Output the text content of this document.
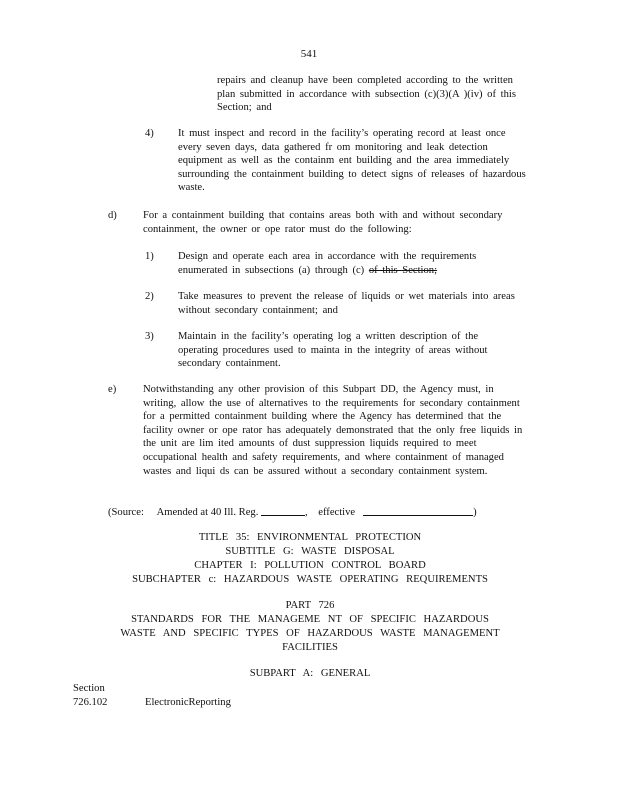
541

repairs and cleanup have been completed according to the written plan submitted in accordance with subsection (c)(3)(A )(iv) of this Section; and

4)	It must inspect and record in the facility’s operating record at least once every seven days, data gathered fr om monitoring and leak detection equipment as well as the containm ent building and the area immediately surrounding the containment building to detect signs of releases of hazardous waste.

d)	For a containment building that contains areas both with and without secondary containment, the owner or ope rator must do the following:

1)	Design and operate each area in accordance with the requirements enumerated in subsections (a) through (c) of this Section;

2)	Take measures to prevent the release of liquids or wet materials into areas without secondary containment; and

3)	Maintain in the facility’s operating log a written description of the operating procedures used to mainta in the integrity of areas without secondary containment.

e)	Notwithstanding any other provision of this Subpart DD, the Agency must, in writing, allow the use of alternatives to the requirements for secondary containment for a permitted containment building where the Agency has determined that the facility owner or ope rator has adequately demonstrated that the only free liquids in the unit are lim ited amounts of dust suppression liquids required to meet occupational health and safety requirements, and where containment of managed wastes and liqui ds can be assured without a secondary containment system.

(Source: Amended at 40 Ill. Reg.	, effective	)
TITLE 35: ENVIRONMENTAL PROTECTION
SUBTITLE G: WASTE DISPOSAL
CHAPTER I: POLLUTION CONTROL BOARD
SUBCHAPTER c: HAZARDOUS WASTE OPERATING REQUIREMENTS
PART 726
STANDARDS FOR THE MANAGEME NT OF SPECIFIC HAZARDOUS
WASTE AND SPECIFIC TYPES OF HAZARDOUS WASTE MANAGEMENT
FACILITIES
SUBPART A: GENERAL
Section
726.102	ElectronicReporting
